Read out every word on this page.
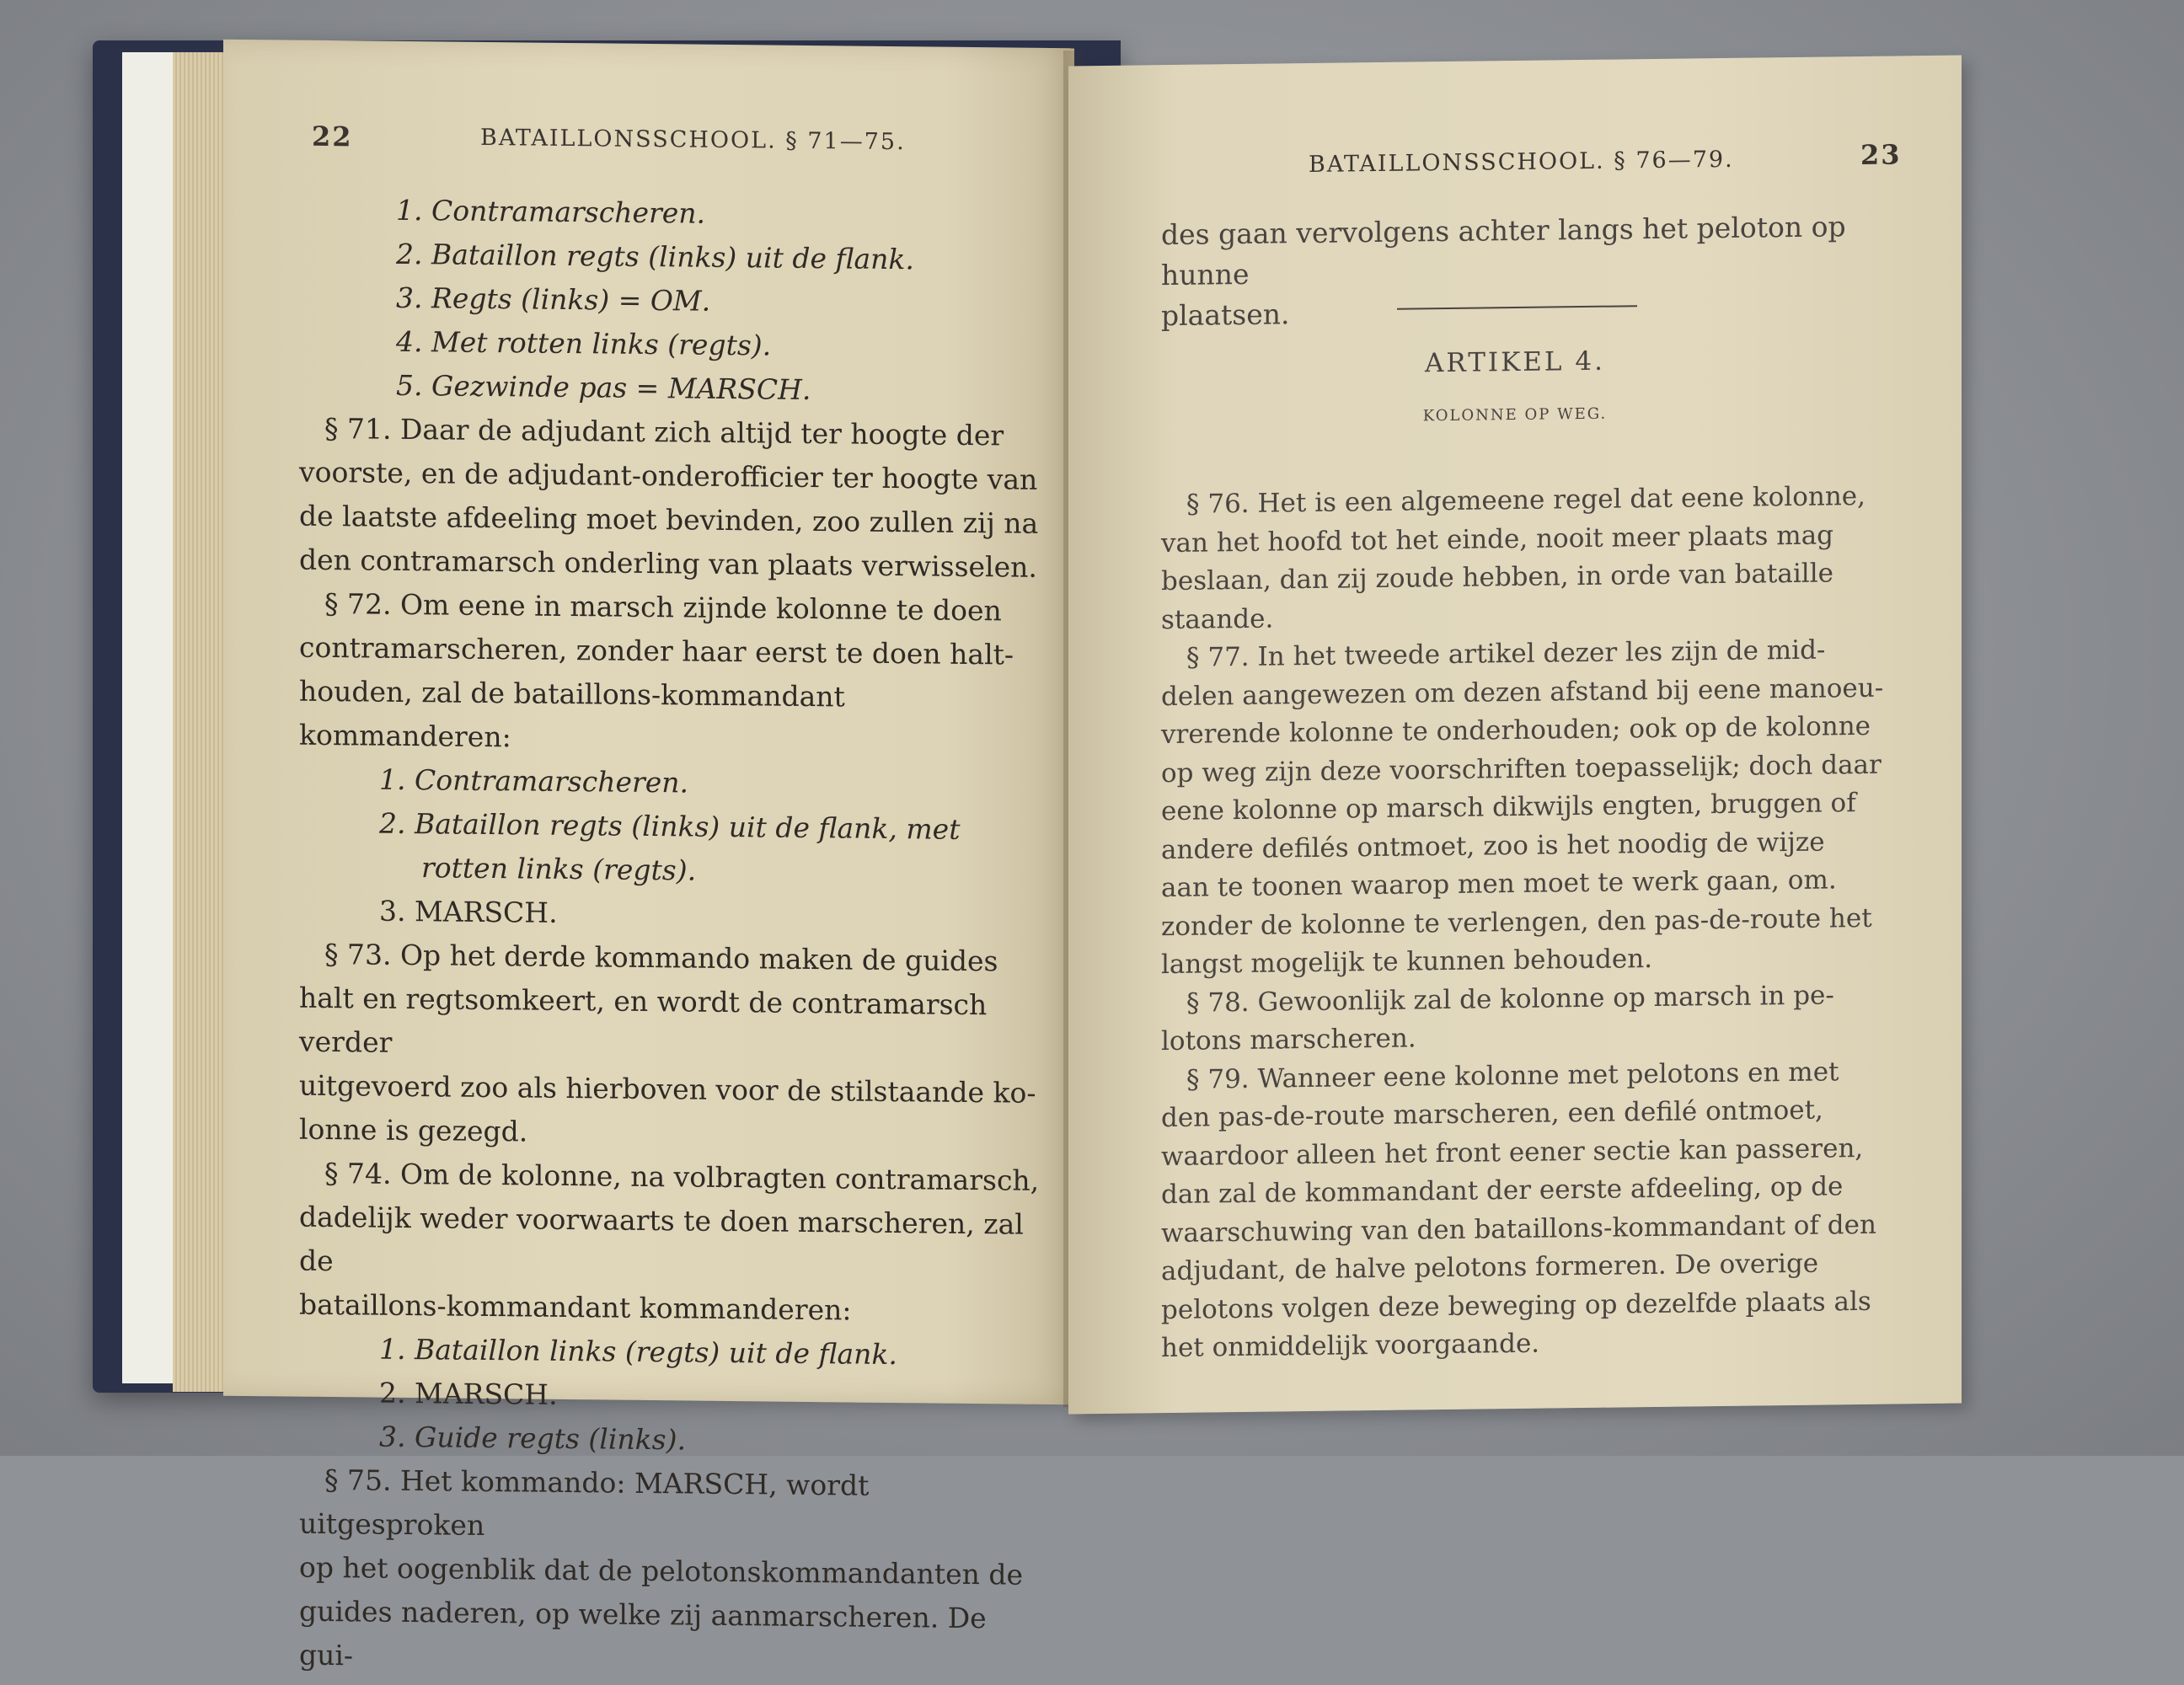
22	BATAILLONSSCHOOL. § 71—75.

1. Contramarscheren.

2. Bataillon regts (links) uit de flank.

3. Regts (links) = OM.

4. Met rotten links (regts).

5. Gezwinde pas = MARSCH.

§ 71. Daar de adjudant zich altijd ter hoogte der

voorste, en de adjudant-onderofficier ter hoogte van

de laatste afdeeling moet bevinden, zoo zullen zij na

den contramarsch onderling van plaats verwisselen.

§ 72. Om eene in marsch zijnde kolonne te doen

contramarscheren, zonder haar eerst te doen halt-

houden, zal de bataillons-kommandant kommanderen:

1. Contramarscheren.

2. Bataillon regts (links) uit de flank, met

rotten links (regts).

3. MARSCH.

§ 73. Op het derde kommando maken de guides

halt en regtsomkeert, en wordt de contramarsch verder

uitgevoerd zoo als hierboven voor de stilstaande ko-

lonne is gezegd.

§ 74. Om de kolonne, na volbragten contramarsch,

dadelijk weder voorwaarts te doen marscheren, zal de

bataillons-kommandant kommanderen:

1. Bataillon links (regts) uit de flank.

2. MARSCH.

3. Guide regts (links).

§ 75. Het kommando: MARSCH, wordt uitgesproken

op het oogenblik dat de pelotonskommandanten de

guides naderen, op welke zij aanmarscheren. De gui-

BATAILLONSSCHOOL. § 76—79.	23

des gaan vervolgens achter langs het peloton op hunne

plaatsen.

ARTIKEL 4.
KOLONNE OP WEG.

§ 76. Het is een algemeene regel dat eene kolonne,

van het hoofd tot het einde, nooit meer plaats mag

beslaan, dan zij zoude hebben, in orde van bataille

staande.

§ 77. In het tweede artikel dezer les zijn de mid-

delen aangewezen om dezen afstand bij eene manoeu-

vrerende kolonne te onderhouden; ook op de kolonne

op weg zijn deze voorschriften toepasselijk; doch daar

eene kolonne op marsch dikwijls engten, bruggen of

andere defilés ontmoet, zoo is het noodig de wijze

aan te toonen waarop men moet te werk gaan, om.

zonder de kolonne te verlengen, den pas-de-route het

langst mogelijk te kunnen behouden.

§ 78. Gewoonlijk zal de kolonne op marsch in pe-

lotons marscheren.

§ 79. Wanneer eene kolonne met pelotons en met

den pas-de-route marscheren, een defilé ontmoet,

waardoor alleen het front eener sectie kan passeren,

dan zal de kommandant der eerste afdeeling, op de

waarschuwing van den bataillons-kommandant of den

adjudant, de halve pelotons formeren. De overige

pelotons volgen deze beweging op dezelfde plaats als

het onmiddelijk voorgaande.
